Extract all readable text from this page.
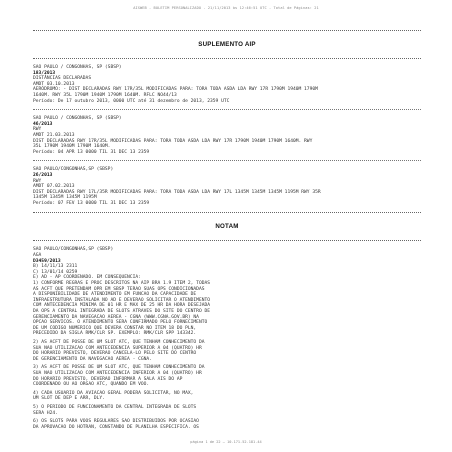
AISWEB - BOLETIM PERSONALIZADO - 21/11/2013 às 12:46:51 UTC - Total de Páginas: 21
SUPLEMENTO AIP
SAO PAULO / CONGONHAS, SP (SBSP)
183/2013
DISTÂNCIAS DECLARADAS
AMDT 03.10.2013
AERÓDROMO: - DIST DECLARADAS RWY 17R/35L MODIFICADAS PARA: TORA TODA ASDA LDA RWY 17R 1790M 1940M 1790M
1640M. RWY 35L 1790M 1940M 1790M 1640M. RFLC NO44/13
Período: De 17 outubro 2013, 0000 UTC até 31 dezembro de 2013, 2359 UTC
SAO PAULO / CONGONHAS, SP (SBSP)
46/2013
RWY
AMDT 21.03.2013
DIST DECLARADAS RWY 17R/35L MODIFICADAS PARA: TORA TODA ASDA LDA RWY 17R 1790M 1940M 1790M 1640M. RWY
35L 1790M 1940M 1790M 1640M.
Período: 04 APR 13 0000 TIL 31 DEC 13 2359
SAO PAULO/CONGONHAS,SP (SBSP)
26/2013
RWY
AMDT 07.02.2013
DIST DECLARADAS RWY 17L/35R MODIFICADAS PARA: TORA TODA ASDA LDA RWY 17L 1345M 1345M 1345M 1195M RWY 35R
1345M 1345M 1345M 1195M
Período: 07 FEV 13 0000 TIL 31 DEC 13 2359
NOTAM
SAO PAULO/CONGONHAS,SP (SBSP)
AGA
D3459/2013
B) 14/11/13 2311
C) 13/01/14 0259
E) AD - AP COORDENADO. EM CONSEQUENCIA:
1) CONFORME REGRAS E PROC DESCRITOS NA AIP BRA 1.9 ITEM 2, TODAS
AS ACFT QUE PRETENDAM OPR EM SBSP TERAO SUAS OPS CONDICIONADAS
A DISPONIBILIDADE DE ATENDIMENTO EM FUNCAO DA CAPACIDADE DE
INFRAESTRUTURA INSTALADA NO AD E DEVERAO SOLICITAR O ATENDIMENTO
COM ANTECEDENCIA MINIMA DE 01 HR E MAX DE 25 HR DA HORA DESEJADA
DA OPS A CENTRAL INTEGRADA DE SLOTS ATRAVES DO SITE DO CENTRO DE
GERENCIAMENTO DA NAVEGACAO AEREA - CGNA (WWW.CGNA.GOV.BR) NA
OPCAO SERVICOS. O ATENDIMENTO SERA CONFIRMADO PELO FORNECIMENTO
DE UM CODIGO NUMERICO QUE DEVERA CONSTAR NO ITEM 18 DO PLN,
PRECEDIDO DA SIGLA RMK/CLR SP. EXEMPLO: RMK/CLR SPP 143342.
2) AS ACFT DE POSSE DE UM SLOT ATC, QUE TENHAM CONHECIMENTO DA
SUA NAO UTILIZACAO COM ANTECEDENCIA SUPERIOR A 04 (QUATRO) HR
DO HORARIO PREVISTO, DEVERAO CANCELA-LO PELO SITE DO CENTRO
DE GERENCIAMENTO DA NAVEGACAO AEREA - CGNA.
3) AS ACFT DE POSSE DE UM SLOT ATC, QUE TENHAM CONHECIMENTO DA
SUA NAO UTILIZACAO COM ANTECEDENCIA INFERIOR A 04 (QUATRO) HR
DO HORARIO PREVISTO, DEVERAO INFORMAR A SALA AIS DO AP
COORDENADO OU AO ORGAO ATC, QUANDO EM VOO.
4) CADA USUARIO DA AVIACAO GERAL PODERA SOLICITAR, NO MAX,
UM SLOT DE DEP E ARR, DLY.
5) O PERIODO DE FUNCIONAMENTO DA CENTRAL INTEGRADA DE SLOTS
SERA H24.
6) OS SLOTS PARA VOOS REGULARES SAO DISTRIBUIDOS POR OCASIAO
DA APROVACAO DO HOTRAN, CONSTANDO DE PLANILHA ESPECIFICA. OS
página 1 de 22 — 10.171.52.181.44
